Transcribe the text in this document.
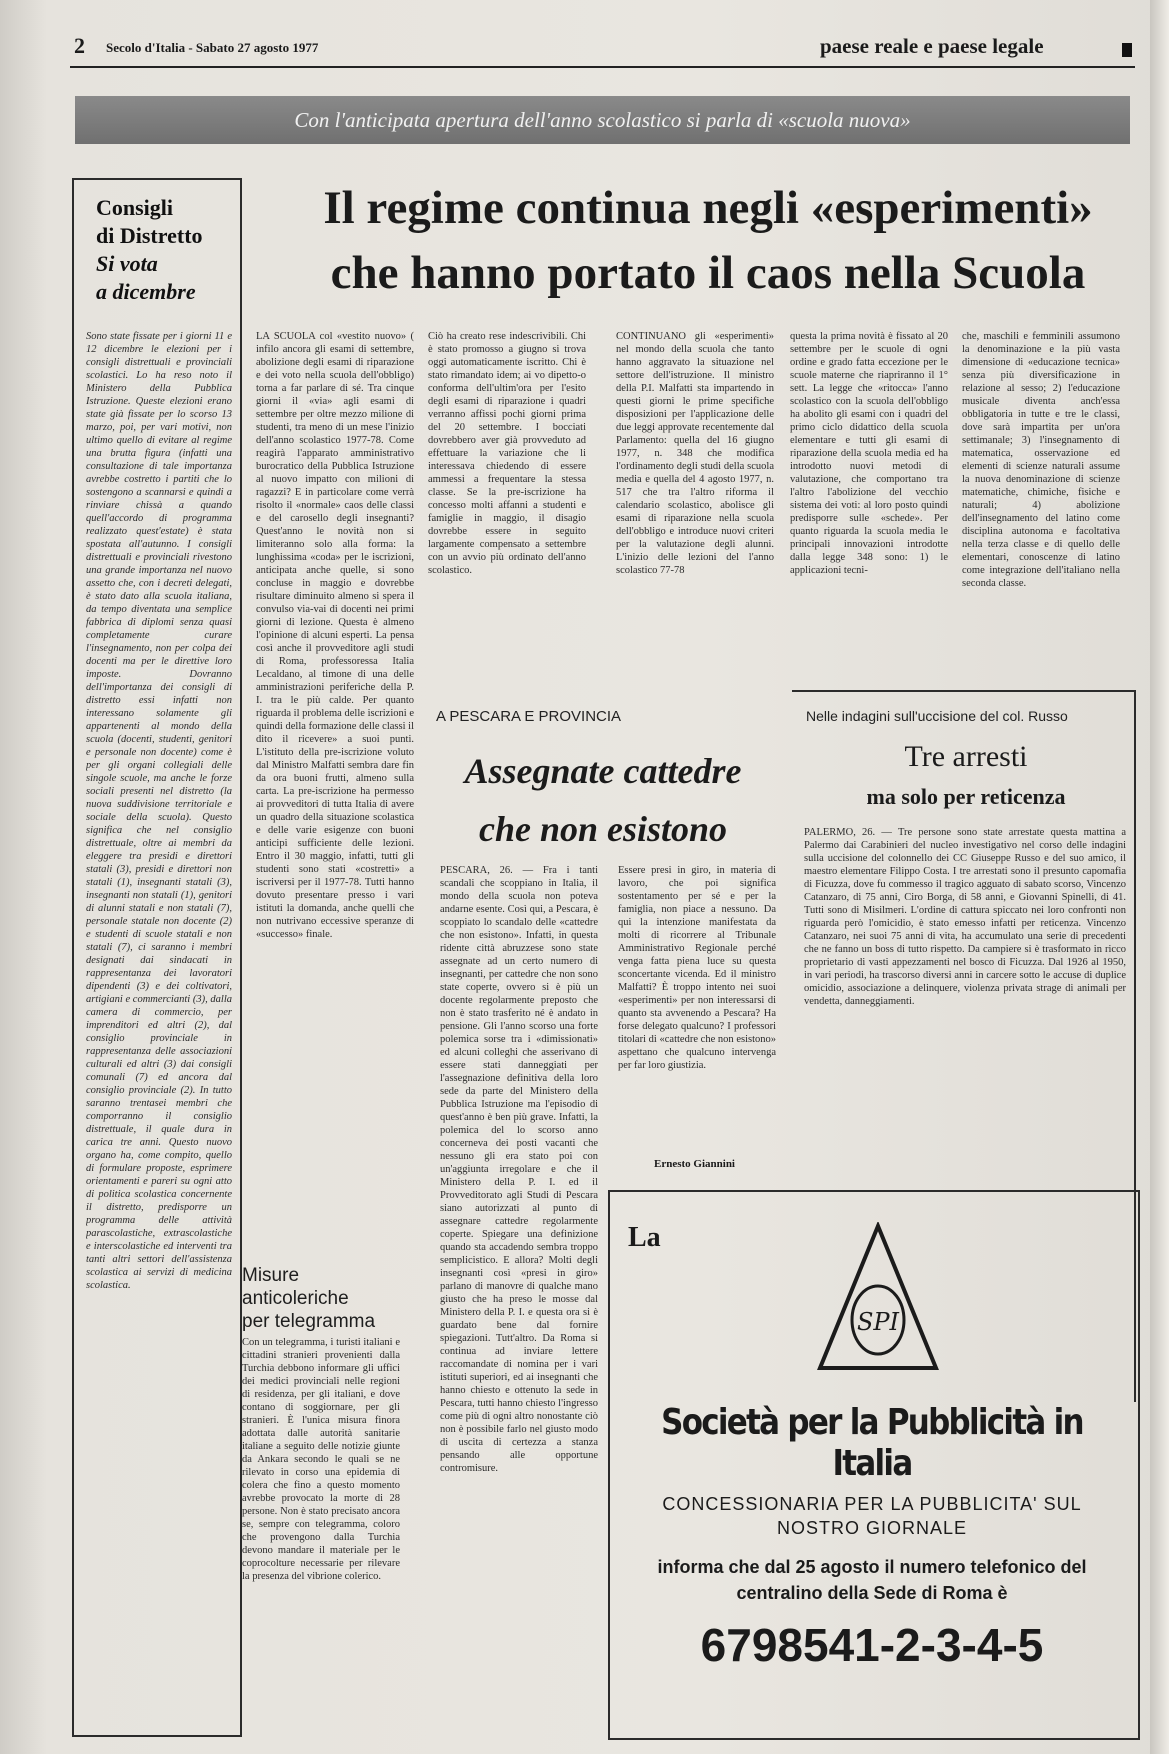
2 Secolo d'Italia - Sabato 27 agosto 1977	paese reale e paese legale
Con l'anticipata apertura dell'anno scolastico si parla di «scuola nuova»
Consigli
di Distretto
Si vota
a dicembre
Sono state fissate per i giorni 11 e 12 dicembre le elezioni per i consigli distrettuali e provinciali scolastici. Lo ha reso noto il Ministero della Pubblica Istruzione. Queste elezioni erano state già fissate per lo scorso 13 marzo, poi, per vari motivi, non ultimo quello di evitare al regime una brutta figura (infatti una consultazione di tale importanza avrebbe costretto i partiti che lo sostengono a scannarsi e quindi a rinviare chissà a quando quell'accordo di programma realizzato quest'estate) è stata spostata all'autunno. I consigli distrettuali e provinciali rivestono una grande importanza nel nuovo assetto che, con i decreti delegati, è stato dato alla scuola italiana, da tempo diventata una semplice fabbrica di diplomi senza quasi completamente curare l'insegnamento, non per colpa dei docenti ma per le direttive loro imposte. Dovranno dell'importanza dei consigli di distretto essi infatti non interessano solamente gli appartenenti al mondo della scuola (docenti, studenti, genitori e personale non docente) come è per gli organi collegiali delle singole scuole, ma anche le forze sociali presenti nel distretto (la nuova suddivisione territoriale e sociale della scuola). Questo significa che nel consiglio distrettuale, oltre ai membri da eleggere tra presidi e direttori statali (3), presidi e direttori non statali (1), insegnanti statali (3), insegnanti non statali (1), genitori di alunni statali e non statali (7), personale statale non docente (2) e studenti di scuole statali e non statali (7), ci saranno i membri designati dai sindacati in rappresentanza dei lavoratori dipendenti (3) e dei coltivatori, artigiani e commercianti (3), dalla camera di commercio, per imprenditori ed altri (2), dal consiglio provinciale in rappresentanza delle associazioni culturali ed altri (3) dai consigli comunali (7) ed ancora dal consiglio provinciale (2). In tutto saranno trentasei membri che comporranno il consiglio distrettuale, il quale dura in carica tre anni. Questo nuovo organo ha, come compito, quello di formulare proposte, esprimere orientamenti e pareri su ogni atto di politica scolastica concernente il distretto, predisporre un programma delle attività parascolastiche, extrascolastiche e interscolastiche ed interventi tra tanti altri settori dell'assistenza scolastica ai servizi di medicina scolastica.
Il regime continua negli «esperimenti»
che hanno portato il caos nella Scuola
LA SCUOLA col «vestito nuovo» ( infilo ancora gli esami di settembre, abolizione degli esami di riparazione e dei voto nella scuola dell'obbligo) torna a far parlare di sé. Tra cinque giorni il «via» agli esami di settembre per oltre mezzo milione di studenti, tra meno di un mese l'inizio dell'anno scolastico 1977-78. Come reagirà l'apparato amministrativo burocratico della Pubblica Istruzione al nuovo impatto con milioni di ragazzi? E in particolare come verrà risolto il «normale» caos delle classi e del carosello degli insegnanti? Quest'anno le novità non si limiteranno solo alla forma: la lunghissima «coda» per le iscrizioni, anticipata anche quelle, si sono concluse in maggio e dovrebbe risultare diminuito almeno si spera il convulso via-vai di docenti nei primi giorni di lezione. Questa è almeno l'opinione di alcuni esperti. La pensa così anche il provveditore agli studi di Roma, professoressa Italia Lecaldano, al timone di una delle amministrazioni periferiche della P. I. tra le più calde. Per quanto riguarda il problema delle iscrizioni e quindi della formazione delle classi il dito il ricevere» a suoi punti. L'istituto della pre-iscrizione voluto dal Ministro Malfatti sembra dare fin da ora buoni frutti, almeno sulla carta. La pre-iscrizione ha permesso ai provveditori di tutta Italia di avere un quadro della situazione scolastica e delle varie esigenze con buoni anticipi sufficiente delle lezioni. Entro il 30 maggio, infatti, tutti gli studenti sono stati «costretti» a iscriversi per il 1977-78. Tutti hanno dovuto presentare presso i vari istituti la domanda, anche quelli che non nutrivano eccessive speranze di «successo» finale.
Ciò ha creato rese indescrivibili. Chi è stato promosso a giugno si trova oggi automaticamente iscritto. Chi è stato rimandato idem; ai vo dipetto-o conforma dell'ultim'ora per l'esito degli esami di riparazione i quadri verranno affissi pochi giorni prima del 20 settembre. I bocciati dovrebbero aver già provveduto ad effettuare la variazione che li interessava chiedendo di essere ammessi a frequentare la stessa classe. Se la pre-iscrizione ha concesso molti affanni a studenti e famiglie in maggio, il disagio dovrebbe essere in seguito largamente compensato a settembre con un avvio più ordinato dell'anno scolastico.
CONTINUANO gli «esperimenti» nel mondo della scuola che tanto hanno aggravato la situazione nel settore dell'istruzione. Il ministro della P.I. Malfatti sta impartendo in questi giorni le prime specifiche disposizioni per l'applicazione delle due leggi approvate recentemente dal Parlamento: quella del 16 giugno 1977, n. 348 che modifica l'ordinamento degli studi della scuola media e quella del 4 agosto 1977, n. 517 che tra l'altro riforma il calendario scolastico, abolisce gli esami di riparazione nella scuola dell'obbligo e introduce nuovi criteri per la valutazione degli alunni. L'inizio delle lezioni del l'anno scolastico 77-78
questa la prima novità è fissato al 20 settembre per le scuole di ogni ordine e grado fatta eccezione per le scuole materne che riapriranno il 1° sett. La legge che «ritocca» l'anno scolastico con la scuola dell'obbligo ha abolito gli esami con i quadri del primo ciclo didattico della scuola elementare e tutti gli esami di riparazione della scuola media ed ha introdotto nuovi metodi di valutazione, che comportano tra l'altro l'abolizione del vecchio sistema dei voti: al loro posto quindi predisporre sulle «schede». Per quanto riguarda la scuola media le principali innovazioni introdotte dalla legge 348 sono: 1) le applicazioni tecni-
che, maschili e femminili assumono la denominazione e la più vasta dimensione di «educazione tecnica» senza più diversificazione in relazione al sesso; 2) l'educazione musicale diventa anch'essa obbligatoria in tutte e tre le classi, dove sarà impartita per un'ora settimanale; 3) l'insegnamento di matematica, osservazione ed elementi di scienze naturali assume la nuova denominazione di scienze matematiche, chimiche, fisiche e naturali; 4) abolizione dell'insegnamento del latino come disciplina autonoma e facoltativa nella terza classe e di quello delle elementari, conoscenze di latino come integrazione dell'italiano nella seconda classe.
A PESCARA E PROVINCIA
Assegnate cattedre
che non esistono
PESCARA, 26. — Fra i tanti scandali che scoppiano in Italia, il mondo della scuola non poteva andarne esente. Così qui, a Pescara, è scoppiato lo scandalo delle «cattedre che non esistono». Infatti, in questa ridente città abruzzese sono state assegnate ad un certo numero di insegnanti, per cattedre che non sono state coperte, ovvero si è più un docente regolarmente preposto che non è stato trasferito né è andato in pensione. Gli l'anno scorso una forte polemica sorse tra i «dimissionati» ed alcuni colleghi che asserivano di essere stati danneggiati per l'assegnazione definitiva della loro sede da parte del Ministero della Pubblica Istruzione ma l'episodio di quest'anno è ben più grave. Infatti, la polemica del lo scorso anno concerneva dei posti vacanti che nessuno gli era stato poi con un'aggiunta irregolare e che il Ministero della P. I. ed il Provveditorato agli Studi di Pescara siano autorizzati al punto di assegnare cattedre regolarmente coperte. Spiegare una definizione quando sta accadendo sembra troppo semplicistico. E allora? Molti degli insegnanti così «presi in giro» parlano di manovre di qualche mano giusto che ha preso le mosse dal Ministero della P. I. e questa ora si è guardato bene dal fornire spiegazioni. Tutt'altro. Da Roma si continua ad inviare lettere raccomandate di nomina per i vari istituti superiori, ed ai insegnanti che hanno chiesto e ottenuto la sede in Pescara, tutti hanno chiesto l'ingresso come più di ogni altro nonostante ciò non è possibile farlo nel giusto modo di uscita di certezza a stanza pensando alle opportune contromisure.
Essere presi in giro, in materia di lavoro, che poi significa sostentamento per sé e per la famiglia, non piace a nessuno. Da qui la intenzione manifestata da molti di ricorrere al Tribunale Amministrativo Regionale perché venga fatta piena luce su questa sconcertante vicenda. Ed il ministro Malfatti? È troppo intento nei suoi «esperimenti» per non interessarsi di quanto sta avvenendo a Pescara? Ha forse delegato qualcuno? I professori titolari di «cattedre che non esistono» aspettano che qualcuno intervenga per far loro giustizia.
Ernesto Giannini
Misure
anticoleriche
per telegramma
Con un telegramma, i turisti italiani e cittadini stranieri provenienti dalla Turchia debbono informare gli uffici dei medici provinciali nelle regioni di residenza, per gli italiani, e dove contano di soggiornare, per gli stranieri. È l'unica misura finora adottata dalle autorità sanitarie italiane a seguito delle notizie giunte da Ankara secondo le quali se ne rilevato in corso una epidemia di colera che fino a questo momento avrebbe provocato la morte di 28 persone. Non è stato precisato ancora se, sempre con telegramma, coloro che provengono dalla Turchia devono mandare il materiale per le coprocolture necessarie per rilevare la presenza del vibrione colerico.
Nelle indagini sull'uccisione del col. Russo
Tre arresti
ma solo per reticenza
PALERMO, 26. — Tre persone sono state arrestate questa mattina a Palermo dai Carabinieri del nucleo investigativo nel corso delle indagini sulla uccisione del colonnello dei CC Giuseppe Russo e del suo amico, il maestro elementare Filippo Costa. I tre arrestati sono il presunto capomafia di Ficuzza, dove fu commesso il tragico agguato di sabato scorso, Vincenzo Catanzaro, di 75 anni, Ciro Borga, di 58 anni, e Giovanni Spinelli, di 41. Tutti sono di Misilmeri. L'ordine di cattura spiccato nei loro confronti non riguarda però l'omicidio, è stato emesso infatti per reticenza. Vincenzo Catanzaro, nei suoi 75 anni di vita, ha accumulato una serie di precedenti che ne fanno un boss di tutto rispetto. Da campiere si è trasformato in ricco proprietario di vasti appezzamenti nel bosco di Ficuzza. Dal 1926 al 1950, in vari periodi, ha trascorso diversi anni in carcere sotto le accuse di duplice omicidio, associazione a delinquere, violenza privata strage di animali per vendetta, danneggiamenti.
La
SPI
Società per la Pubblicità in Italia
CONCESSIONARIA PER LA PUBBLICITA' SUL
NOSTRO GIORNALE
informa che dal 25 agosto il numero telefonico del
centralino della Sede di Roma è
6798541-2-3-4-5
